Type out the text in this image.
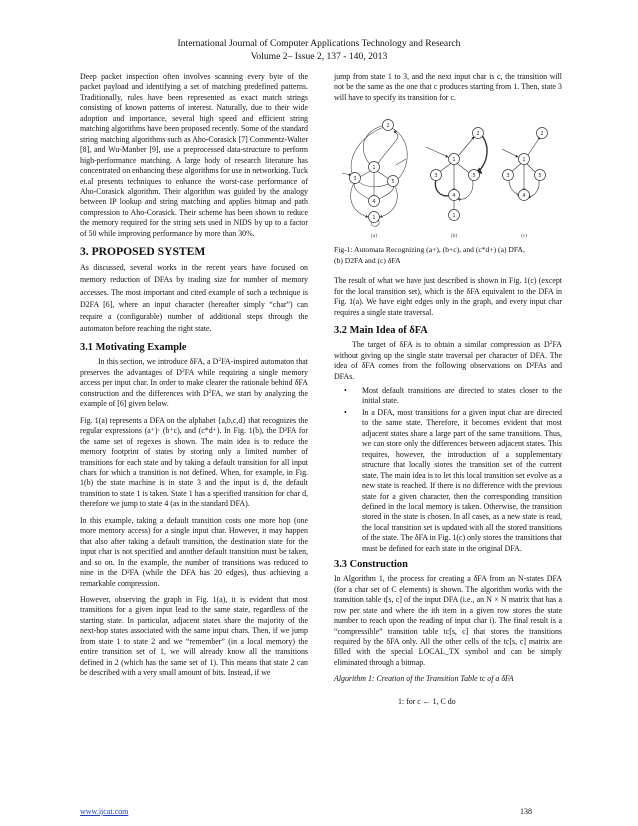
International Journal of Computer Applications Technology and Research
Volume 2– Issue 2, 137 - 140, 2013

Deep packet inspection often involves scanning every byte of the packet payload and identifying a set of matching predefined patterns. Traditionally, rules have been represented as exact match strings consisting of known patterns of interest. Naturally, due to their wide adoption and importance, several high speed and efficient string matching algorithms have been proposed recently. Some of the standard string matching algorithms such as Aho-Corasick [7] Commentz-Walter [8], and Wu-Manber [9], use a preprocessed data-structure to perform high-performance matching. A large body of research literature has concentrated on enhancing these algorithms for use in networking. Tuck et.al presents techniques to enhance the worst-case performance of Aho-Corasick algorithm. Their algorithm was guided by the analogy between IP lookup and string matching and applies bitmap and path compression to Aho-Corasick. Their scheme has been shown to reduce the memory required for the string sets used in NIDS by up to a factor of 50 while improving performance by more than 30%.

3. PROPOSED SYSTEM

As discussed, several works in the recent years have focused on memory reduction of DFAs by trading size for number of memory accesses. The most important and cited example of such a technique is D2FA [6], where an input character (hereafter simply “char”) can require a (configurable) number of additional steps through the automaton before reaching the right state.

3.1 Motivating Example

In this section, we introduce δFA, a $D^2FA$-inspired automaton that preserves the advantages of $D^2FA$ while requiring a single memory access per input char. In order to make clearer the rationale behind δFA construction and the differences with $D^2FA$, we start by analyzing the example of [6] given below.

Fig. 1(a) represents a DFA on the alphabet {a,b,c,d} that recognizes the regular expressions (a⁺)· (b⁺c), and (c*d⁺). In Fig. 1(b), the D²FA for the same set of regexes is shown. The main idea is to reduce the memory footprint of states by storing only a limited number of transitions for each state and by taking a default transition for all input chars for which a transition is not defined. When, for example, in Fig. 1(b) the state machine is in state 3 and the input is d, the default transition to state 1 is taken. State 1 has a specified transition for char d, therefore we jump to state 4 (as in the standard DFA).

In this example, taking a default transition costs one more hop (one more memory access) for a single input char. However, it may happen that also after taking a default transition, the destination state for the input char is not specified and another default transition must be taken, and so on. In the example, the number of transitions was reduced to nine in the D²FA (while the DFA has 20 edges), thus achieving a remarkable compression.

However, observing the graph in Fig. 1(a), it is evident that most transitions for a given input lead to the same state, regardless of the starting state. In particular, adjacent states share the majority of the next-hop states associated with the same input chars. Then, if we jump from state 1 to state 2 and we “remember” (in a local memory) the entire transition set of 1, we will already know all the transitions defined in 2 (which has the same set of 1). This means that state 2 can be described with a very small amount of bits. Instead, if we

jump from state 1 to 3, and the next input char is c, the transition will not be the same as the one that c produces starting from 1. Then, state 3 will have to specify its transition for c.

2
1
3	5
4
1
2
1
3	5
4
1
2
1
3	5
4
(a)	(b)	(c)
Fig-1: Automata Recognizing (a+), (b+c), and (c*d+) (a) DFA,
(b) D2FA and (c) δFA

The result of what we have just described is shown in Fig. 1(c) (except for the local transition set), which is the δFA equivalent to the DFA in Fig. 1(a). We have eight edges only in the graph, and every input char requires a single state traversal.

3.2 Main Idea of δFA

The target of δFA is to obtain a similar compression as $D^2FA$ without giving up the single state traversal per character of DFA. The idea of δFA comes from the following observations on D²FAs and DFAs.

• Most default transitions are directed to states closer to the initial state.
• In a DFA, most transitions for a given input char are directed to the same state. Therefore, it becomes evident that most adjacent states share a large part of the same transitions. Thus, we can store only the differences between adjacent states. This requires, however, the introduction of a supplementary structure that locally stores the transition set of the current state. The main idea is to let this local transition set evolve as a new state is reached. If there is no difference with the previous state for a given character, then the corresponding transition defined in the local memory is taken. Otherwise, the transition stored in the state is chosen. In all cases, as a new state is read, the local transition set is updated with all the stored transitions of the state. The δFA in Fig. 1(c) only stores the transitions that must be defined for each state in the original DFA.
3.3 Construction

In Algorithm 1, the process for creating a δFA from an N-states DFA (for a char set of C elements) is shown. The algorithm works with the transition table t[s, c] of the input DFA (i.e., an N × N matrix that has a row per state and where the ith item in a given row stores the state number to reach upon the reading of input char i). The final result is a “compressible” transition table tc[s, c] that stores the transitions required by the δFA only. All the other cells of the tc[s, c] matrix are filled with the special LOCAL_TX symbol and can be simply eliminated through a bitmap.

Algorithm 1: Creation of the Transition Table tc of a δFA
1: for c ← 1, C do
www.ijcat.com	138
